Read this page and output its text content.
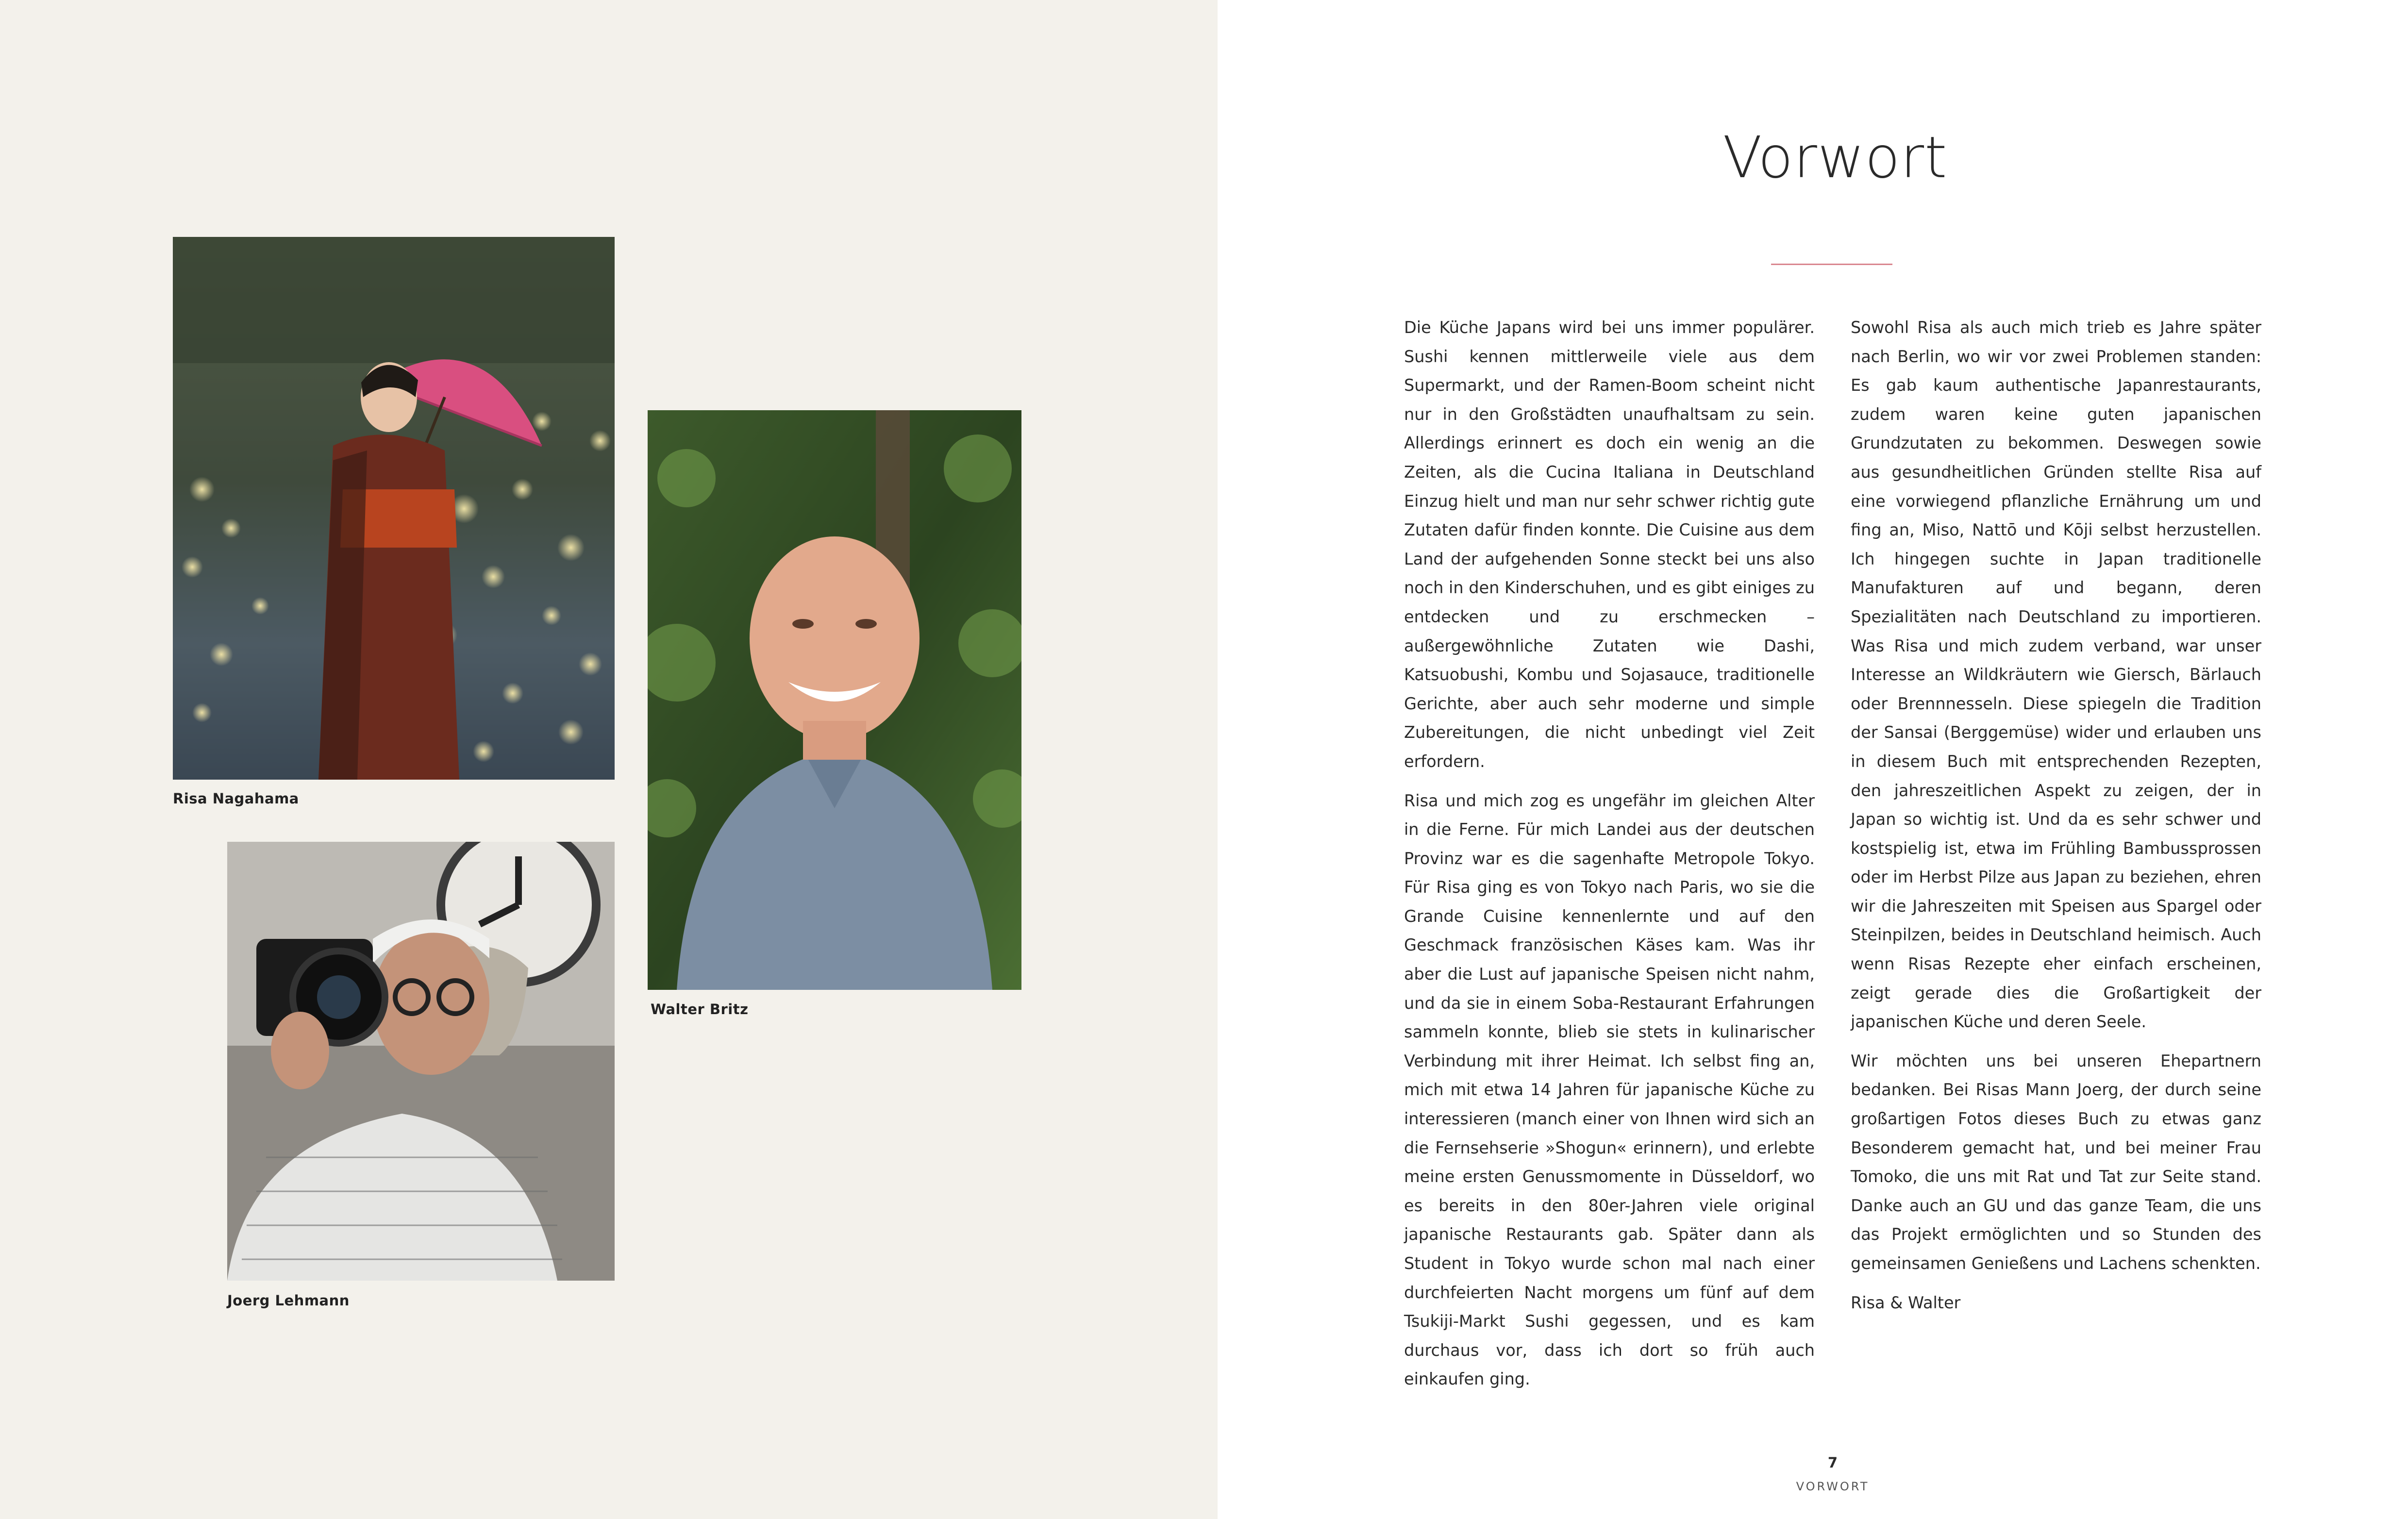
Risa Nagahama
Walter Britz
Joerg Lehmann
Vorwort

Die Küche Japans wird bei uns immer populärer. Sushi kennen mittlerweile viele aus dem Supermarkt, und der Ramen-Boom scheint nicht nur in den Großstädten unaufhaltsam zu sein. Allerdings erinnert es doch ein wenig an die Zeiten, als die Cucina Italiana in Deutschland Einzug hielt und man nur sehr schwer richtig gute Zutaten dafür finden konnte. Die Cuisine aus dem Land der aufgehenden Sonne steckt bei uns also noch in den Kinderschuhen, und es gibt einiges zu entdecken und zu erschmecken – außergewöhnliche Zutaten wie Dashi, Katsuobushi, Kombu und Sojasauce, traditionelle Gerichte, aber auch sehr moderne und simple Zubereitungen, die nicht unbedingt viel Zeit erfordern.

Risa und mich zog es ungefähr im gleichen Alter in die Ferne. Für mich Landei aus der deutschen Provinz war es die sagenhafte Metropole Tokyo. Für Risa ging es von Tokyo nach Paris, wo sie die Grande Cuisine kennenlernte und auf den Geschmack französischen Käses kam. Was ihr aber die Lust auf japanische Speisen nicht nahm, und da sie in einem Soba-Restaurant Erfahrungen sammeln konnte, blieb sie stets in kulinarischer Verbindung mit ihrer Heimat. Ich selbst fing an, mich mit etwa 14 Jahren für japanische Küche zu interessieren (manch einer von Ihnen wird sich an die Fernsehserie »Shogun« erinnern), und erlebte meine ersten Genussmomente in Düsseldorf, wo es bereits in den 80er-Jahren viele original japanische Restaurants gab. Später dann als Student in Tokyo wurde schon mal nach einer durchfeierten Nacht morgens um fünf auf dem Tsukiji-Markt Sushi gegessen, und es kam durchaus vor, dass ich dort so früh auch einkaufen ging.

Sowohl Risa als auch mich trieb es Jahre später nach Berlin, wo wir vor zwei Problemen standen: Es gab kaum authentische Japanrestaurants, zudem waren keine guten japanischen Grundzutaten zu bekommen. Deswegen sowie aus gesundheitlichen Gründen stellte Risa auf eine vorwiegend pflanzliche Ernährung um und fing an, Miso, Nattō und Kōji selbst herzustellen. Ich hingegen suchte in Japan traditionelle Manufakturen auf und begann, deren Spezialitäten nach Deutschland zu importieren. Was Risa und mich zudem verband, war unser Interesse an Wildkräutern wie Giersch, Bärlauch oder Brennnesseln. Diese spiegeln die Tradition der Sansai (Berggemüse) wider und erlauben uns in diesem Buch mit entsprechenden Rezepten, den jahreszeitlichen Aspekt zu zeigen, der in Japan so wichtig ist. Und da es sehr schwer und kostspielig ist, etwa im Frühling Bambussprossen oder im Herbst Pilze aus Japan zu beziehen, ehren wir die Jahreszeiten mit Speisen aus Spargel oder Steinpilzen, beides in Deutschland heimisch. Auch wenn Risas Rezepte eher einfach erscheinen, zeigt gerade dies die Großartigkeit der japanischen Küche und deren Seele.

Wir möchten uns bei unseren Ehepartnern bedanken. Bei Risas Mann Joerg, der durch seine großartigen Fotos dieses Buch zu etwas ganz Besonderem gemacht hat, und bei meiner Frau Tomoko, die uns mit Rat und Tat zur Seite stand. Danke auch an GU und das ganze Team, die uns das Projekt ermöglichten und so Stunden des gemeinsamen Genießens und Lachens schenkten.

Risa & Walter

7
VORWORT
